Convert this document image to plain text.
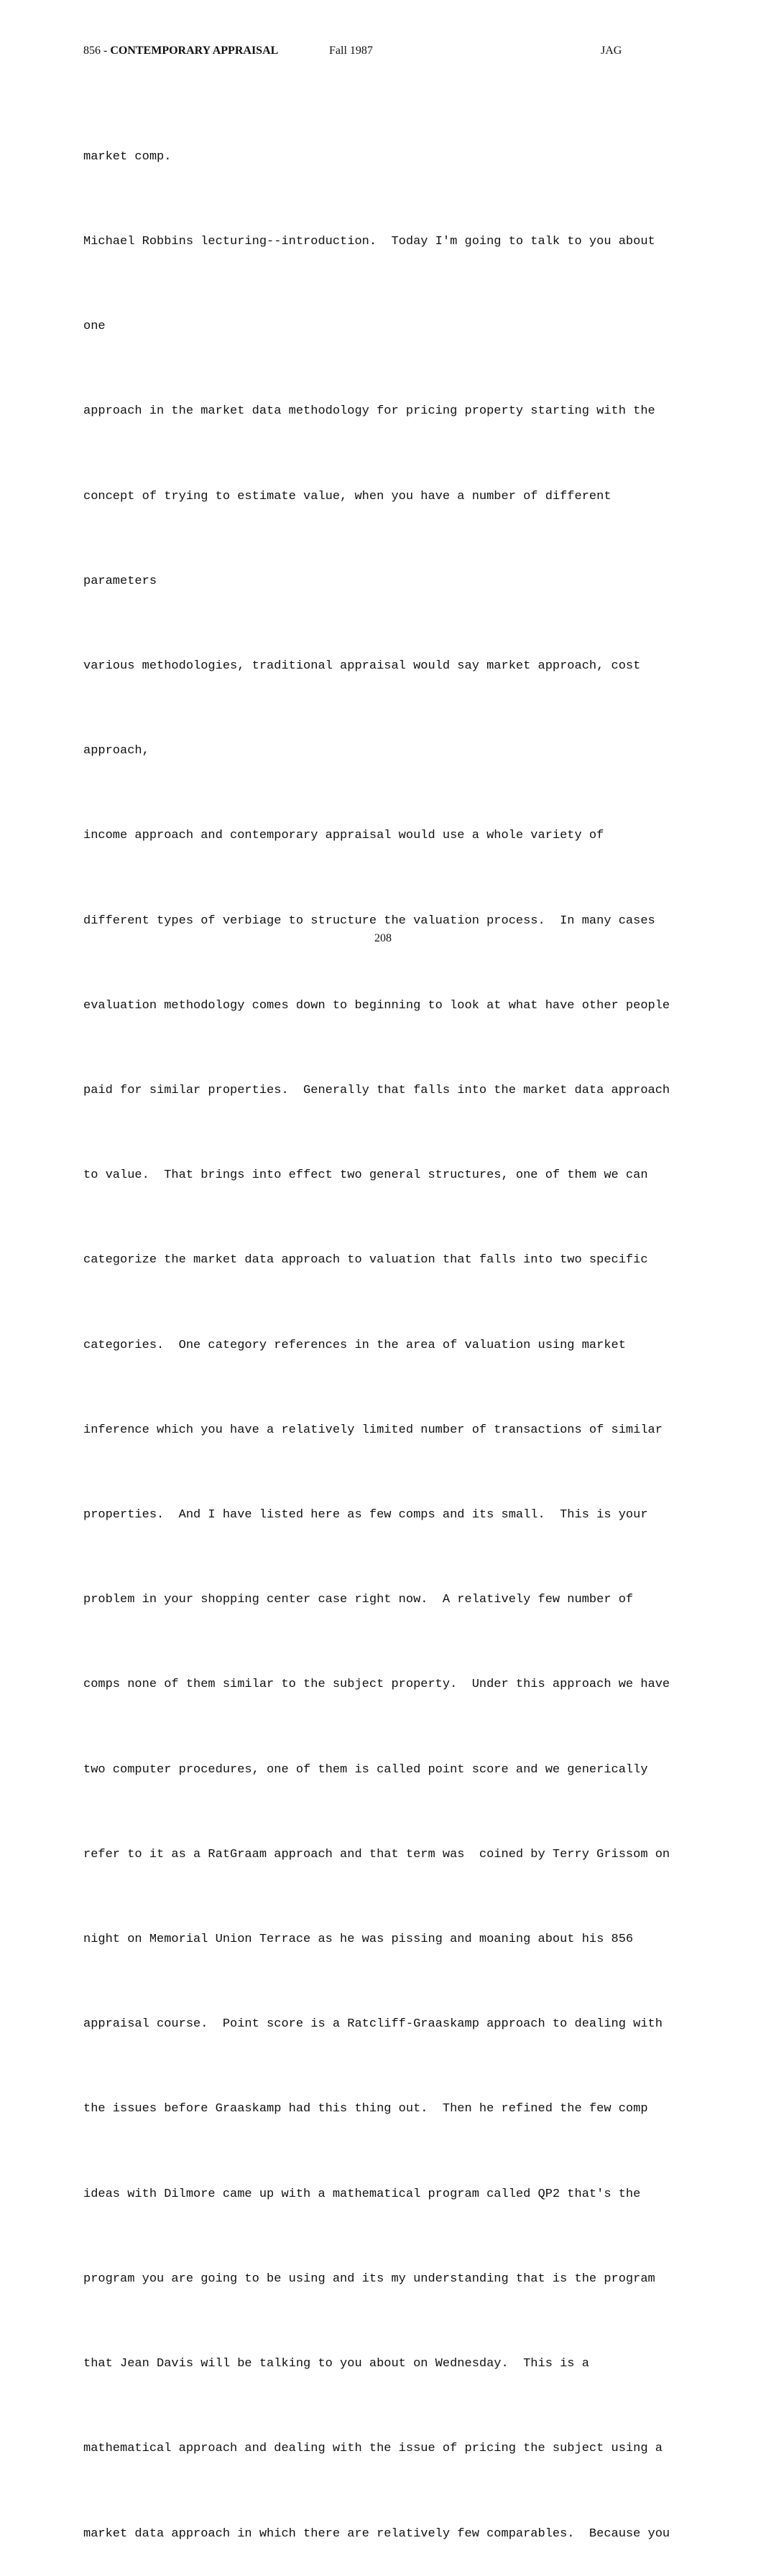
856 - CONTEMPORARY APPRAISAL	Fall 1987	JAG

market comp.

Michael Robbins lecturing--introduction.  Today I'm going to talk to you about

one

approach in the market data methodology for pricing property starting with the

concept of trying to estimate value, when you have a number of different

parameters

various methodologies, traditional appraisal would say market approach, cost

approach,

income approach and contemporary appraisal would use a whole variety of

different types of verbiage to structure the valuation process.  In many cases

evaluation methodology comes down to beginning to look at what have other people

paid for similar properties.  Generally that falls into the market data approach

to value.  That brings into effect two general structures, one of them we can

categorize the market data approach to valuation that falls into two specific

categories.  One category references in the area of valuation using market

inference which you have a relatively limited number of transactions of similar

properties.  And I have listed here as few comps and its small.  This is your

problem in your shopping center case right now.  A relatively few number of

comps none of them similar to the subject property.  Under this approach we have

two computer procedures, one of them is called point score and we generically

refer to it as a RatGraam approach and that term was  coined by Terry Grissom on

night on Memorial Union Terrace as he was pissing and moaning about his 856

appraisal course.  Point score is a Ratcliff-Graaskamp approach to dealing with

the issues before Graaskamp had this thing out.  Then he refined the few comp

ideas with Dilmore came up with a mathematical program called QP2 that's the

program you are going to be using and its my understanding that is the program

that Jean Davis will be talking to you about on Wednesday.  This is a

mathematical approach and dealing with the issue of pricing the subject using a

market data approach in which there are relatively few comparables.  Because you

208
